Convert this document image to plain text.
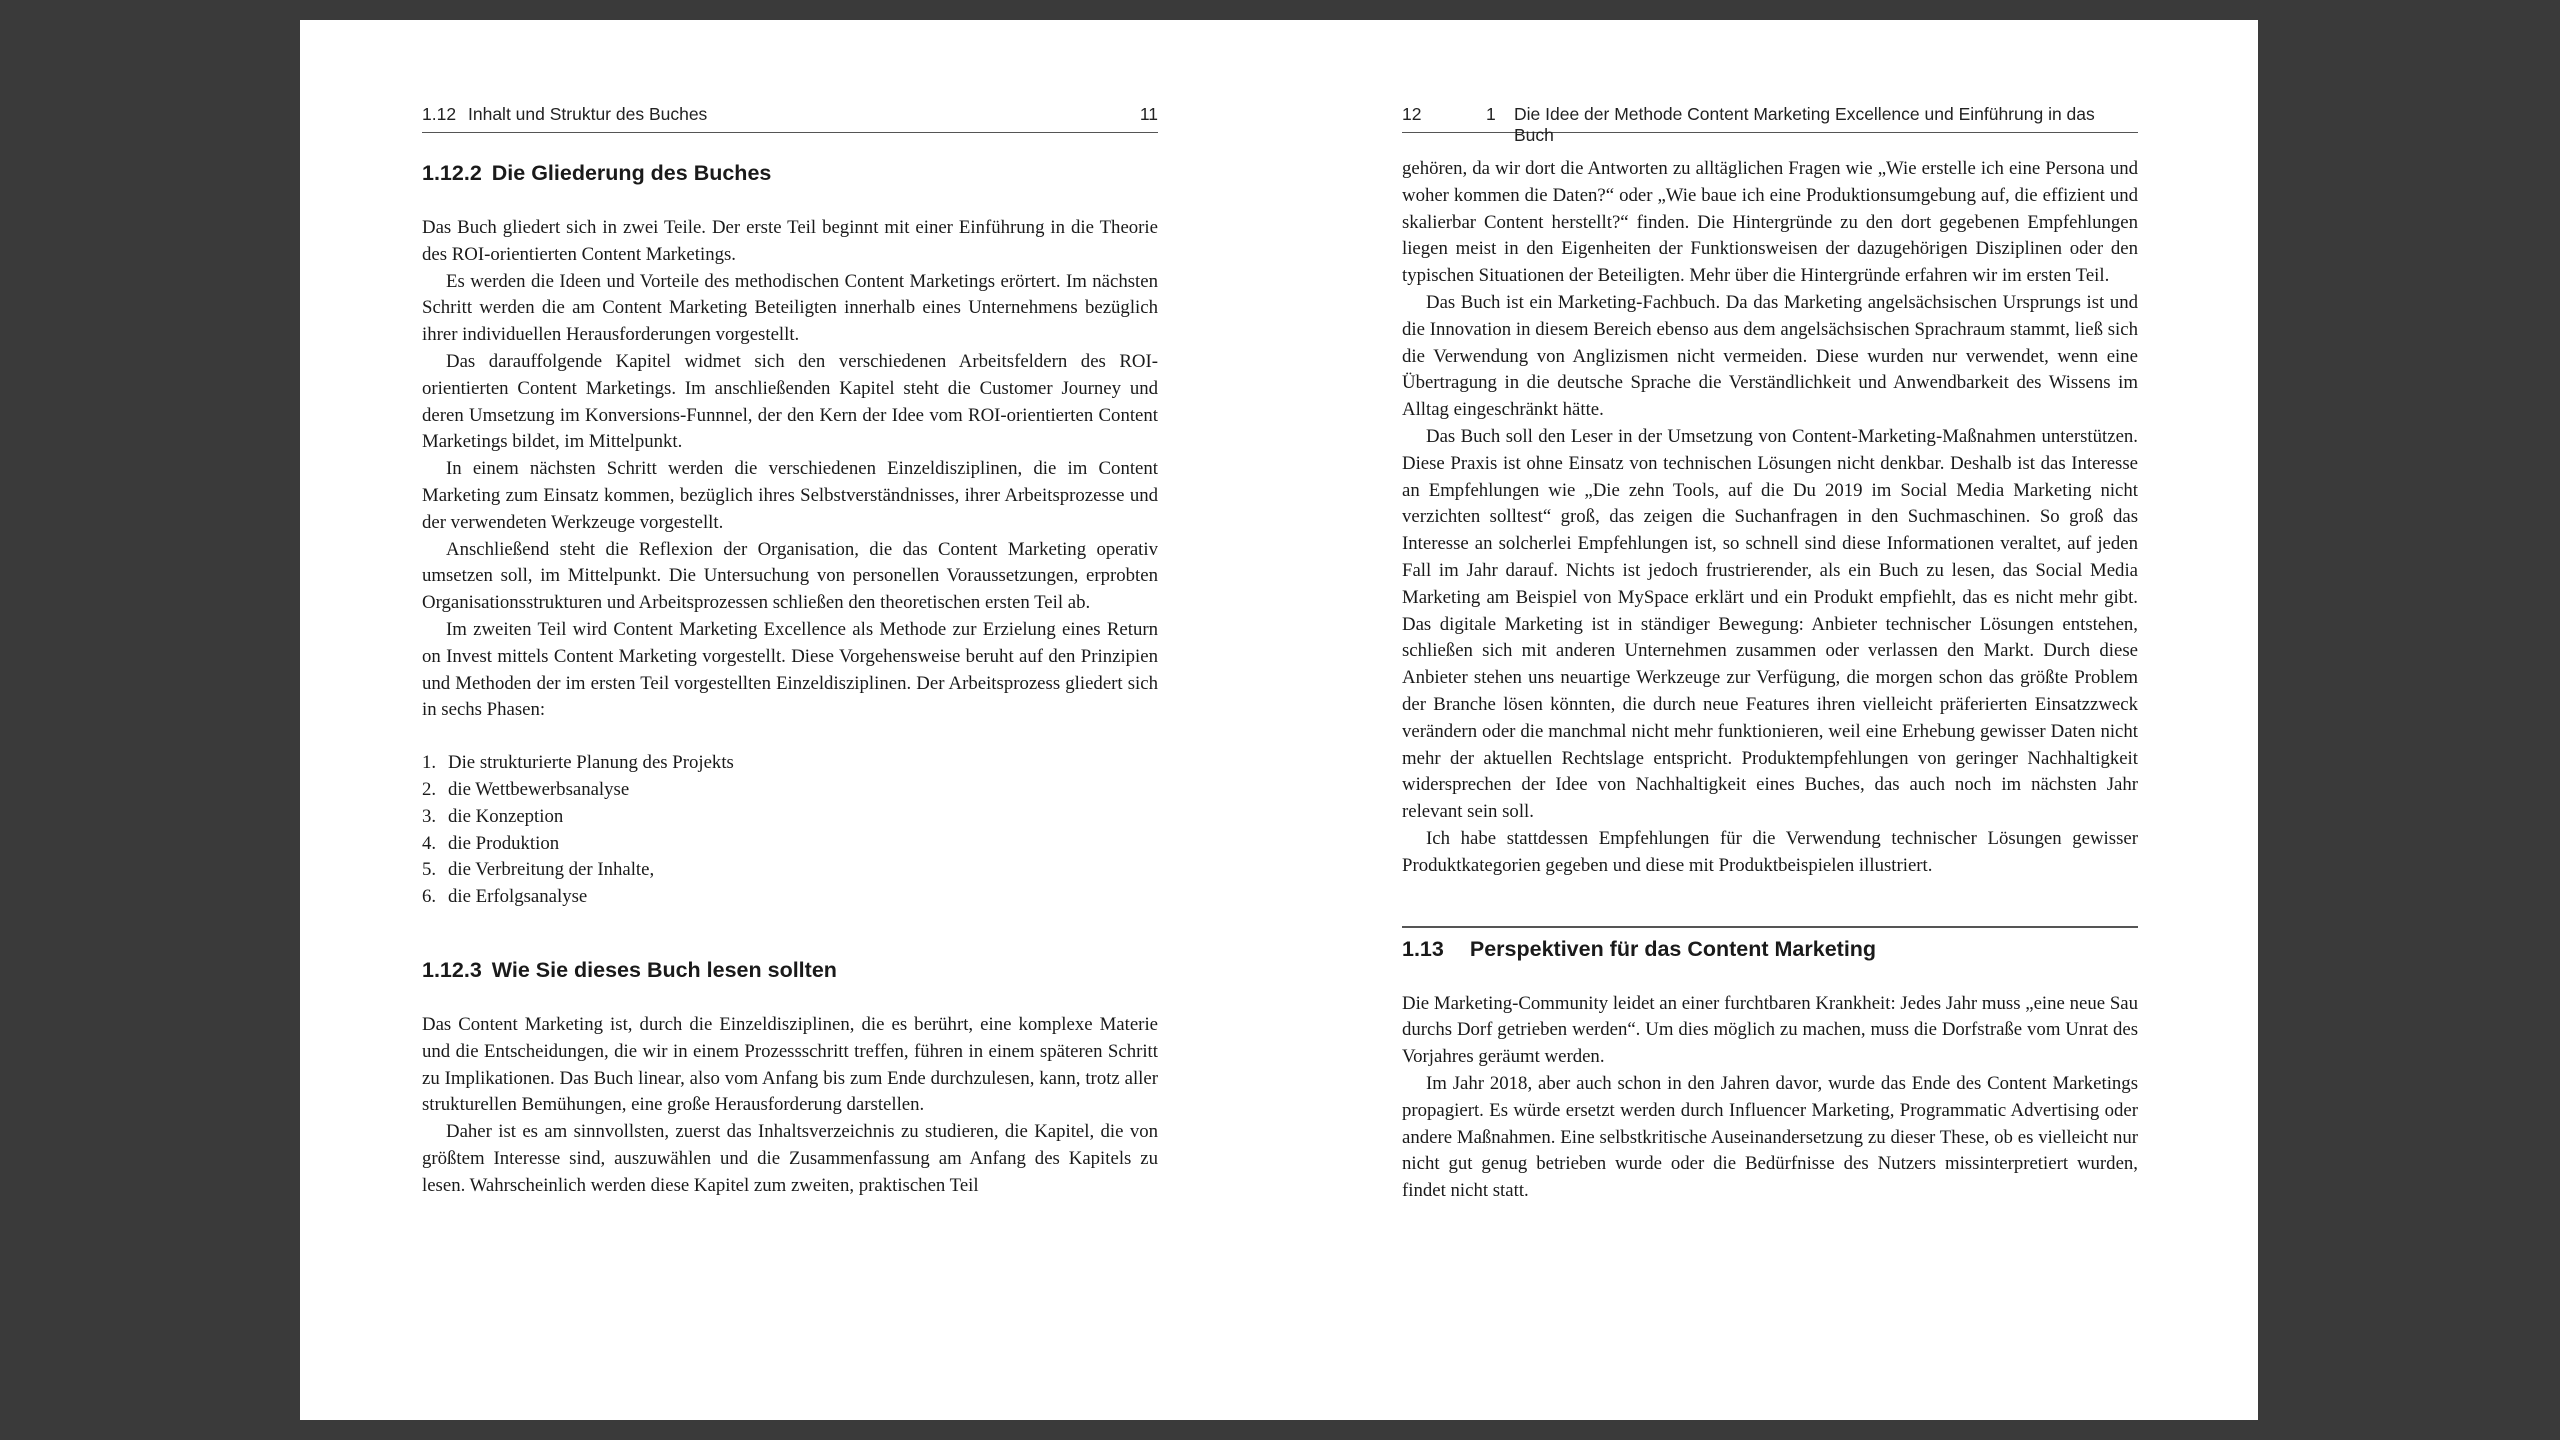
1.12 Inhalt und Struktur des Buches	11
1.12.2 Die Gliederung des Buches

Das Buch gliedert sich in zwei Teile. Der erste Teil beginnt mit einer Einführung in die Theorie des ROI-orientierten Content Marketings.

Es werden die Ideen und Vorteile des methodischen Content Marketings erörtert. Im nächsten Schritt werden die am Content Marketing Beteiligten innerhalb eines Unternehmens bezüglich ihrer individuellen Herausforderungen vorgestellt.

Das darauffolgende Kapitel widmet sich den verschiedenen Arbeitsfeldern des ROI-orientierten Content Marketings. Im anschließenden Kapitel steht die Customer Journey und deren Umsetzung im Konversions-Funnnel, der den Kern der Idee vom ROI-orientierten Content Marketings bildet, im Mittelpunkt.

In einem nächsten Schritt werden die verschiedenen Einzeldisziplinen, die im Content Marketing zum Einsatz kommen, bezüglich ihres Selbstverständnisses, ihrer Arbeitsprozesse und der verwendeten Werkzeuge vorgestellt.

Anschließend steht die Reflexion der Organisation, die das Content Marketing operativ umsetzen soll, im Mittelpunkt. Die Untersuchung von personellen Voraussetzungen, erprobten Organisationsstrukturen und Arbeitsprozessen schließen den theoretischen ersten Teil ab.

Im zweiten Teil wird Content Marketing Excellence als Methode zur Erzielung eines Return on Invest mittels Content Marketing vorgestellt. Diese Vorgehensweise beruht auf den Prinzipien und Methoden der im ersten Teil vorgestellten Einzeldisziplinen. Der Arbeitsprozess gliedert sich in sechs Phasen:

1. Die strukturierte Planung des Projekts
2. die Wettbewerbsanalyse
3. die Konzeption
4. die Produktion
5. die Verbreitung der Inhalte,
6. die Erfolgsanalyse
1.12.3 Wie Sie dieses Buch lesen sollten

Das Content Marketing ist, durch die Einzeldisziplinen, die es berührt, eine komplexe Materie und die Entscheidungen, die wir in einem Prozessschritt treffen, führen in einem späteren Schritt zu Implikationen. Das Buch linear, also vom Anfang bis zum Ende durchzulesen, kann, trotz aller strukturellen Bemühungen, eine große Herausforderung darstellen.

Daher ist es am sinnvollsten, zuerst das Inhaltsverzeichnis zu studieren, die Kapitel, die von größtem Interesse sind, auszuwählen und die Zusammenfassung am Anfang des Kapitels zu lesen. Wahrscheinlich werden diese Kapitel zum zweiten, praktischen Teil

12	1 Die Idee der Methode Content Marketing Excellence und Einführung in das Buch

gehören, da wir dort die Antworten zu alltäglichen Fragen wie „Wie erstelle ich eine Persona und woher kommen die Daten?“ oder „Wie baue ich eine Produktionsumgebung auf, die effizient und skalierbar Content herstellt?“ finden. Die Hintergründe zu den dort gegebenen Empfehlungen liegen meist in den Eigenheiten der Funktionsweisen der dazugehörigen Disziplinen oder den typischen Situationen der Beteiligten. Mehr über die Hintergründe erfahren wir im ersten Teil.

Das Buch ist ein Marketing-Fachbuch. Da das Marketing angelsächsischen Ursprungs ist und die Innovation in diesem Bereich ebenso aus dem angelsächsischen Sprachraum stammt, ließ sich die Verwendung von Anglizismen nicht vermeiden. Diese wurden nur verwendet, wenn eine Übertragung in die deutsche Sprache die Verständlichkeit und Anwendbarkeit des Wissens im Alltag eingeschränkt hätte.

Das Buch soll den Leser in der Umsetzung von Content-Marketing-Maßnahmen unterstützen. Diese Praxis ist ohne Einsatz von technischen Lösungen nicht denkbar. Deshalb ist das Interesse an Empfehlungen wie „Die zehn Tools, auf die Du 2019 im Social Media Marketing nicht verzichten solltest“ groß, das zeigen die Suchanfragen in den Suchmaschinen. So groß das Interesse an solcherlei Empfehlungen ist, so schnell sind diese Informationen veraltet, auf jeden Fall im Jahr darauf. Nichts ist jedoch frustrierender, als ein Buch zu lesen, das Social Media Marketing am Beispiel von MySpace erklärt und ein Produkt empfiehlt, das es nicht mehr gibt. Das digitale Marketing ist in ständiger Bewegung: Anbieter technischer Lösungen entstehen, schließen sich mit anderen Unternehmen zusammen oder verlassen den Markt. Durch diese Anbieter stehen uns neuartige Werkzeuge zur Verfügung, die morgen schon das größte Problem der Branche lösen könnten, die durch neue Features ihren vielleicht präferierten Einsatzzweck verändern oder die manchmal nicht mehr funktionieren, weil eine Erhebung gewisser Daten nicht mehr der aktuellen Rechtslage entspricht. Produktempfehlungen von geringer Nachhaltigkeit widersprechen der Idee von Nachhaltigkeit eines Buches, das auch noch im nächsten Jahr relevant sein soll.

Ich habe stattdessen Empfehlungen für die Verwendung technischer Lösungen gewisser Produktkategorien gegeben und diese mit Produktbeispielen illustriert.

1.13 Perspektiven für das Content Marketing

Die Marketing-Community leidet an einer furchtbaren Krankheit: Jedes Jahr muss „eine neue Sau durchs Dorf getrieben werden“. Um dies möglich zu machen, muss die Dorfstraße vom Unrat des Vorjahres geräumt werden.

Im Jahr 2018, aber auch schon in den Jahren davor, wurde das Ende des Content Marketings propagiert. Es würde ersetzt werden durch Influencer Marketing, Programmatic Advertising oder andere Maßnahmen. Eine selbstkritische Auseinandersetzung zu dieser These, ob es vielleicht nur nicht gut genug betrieben wurde oder die Bedürfnisse des Nutzers missinterpretiert wurden, findet nicht statt.
